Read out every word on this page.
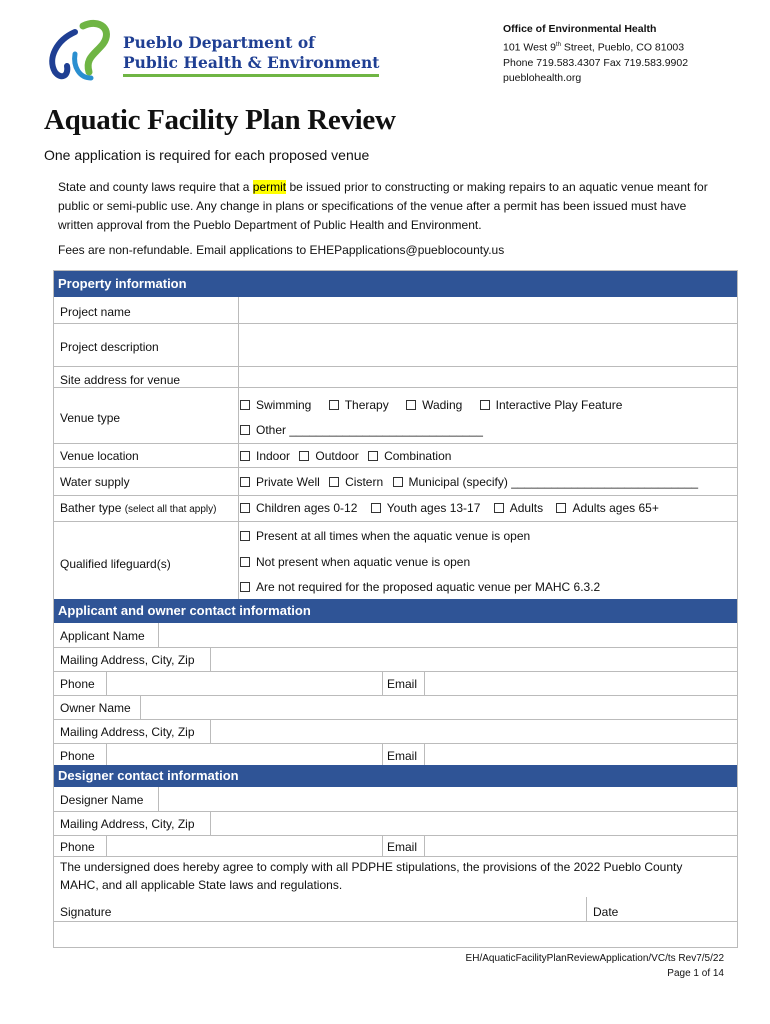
Pueblo Department of
Public Health & Environment
Office of Environmental Health
101 West 9th Street, Pueblo, CO 81003
Phone 719.583.4307 Fax 719.583.9902
pueblohealth.org
Aquatic Facility Plan Review
One application is required for each proposed venue
State and county laws require that a permit be issued prior to constructing or making repairs to an aquatic venue meant for public or semi-public use. Any change in plans or specifications of the venue after a permit has been issued must have written approval from the Pueblo Department of Public Health and Environment.
Fees are non-refundable. Email applications to EHEPapplications@pueblocounty.us
Property information
Project name
Project description
Site address for venue
Venue type
Swimming	Therapy	Wading	Interactive Play Feature
Other _____________________________
Venue location	Indoor Outdoor Combination
Water supply	Private Well Cistern Municipal (specify) ____________________________
Bather type (select all that apply)	Children ages 0-12 Youth ages 13-17 Adults Adults ages 65+
Qualified lifeguard(s)
Present at all times when the aquatic venue is open
Not present when aquatic venue is open
Are not required for the proposed aquatic venue per MAHC 6.3.2
Applicant and owner contact information
Applicant Name
Mailing Address, City, Zip
Phone	Email
Owner Name
Mailing Address, City, Zip
Phone	Email
Designer contact information
Designer Name
Mailing Address, City, Zip
Phone	Email
The undersigned does hereby agree to comply with all PDPHE stipulations, the provisions of the 2022 Pueblo County MAHC, and all applicable State laws and regulations.
Signature	Date
EH/AquaticFacilityPlanReviewApplication/VC/ts Rev7/5/22
Page 1 of 14
